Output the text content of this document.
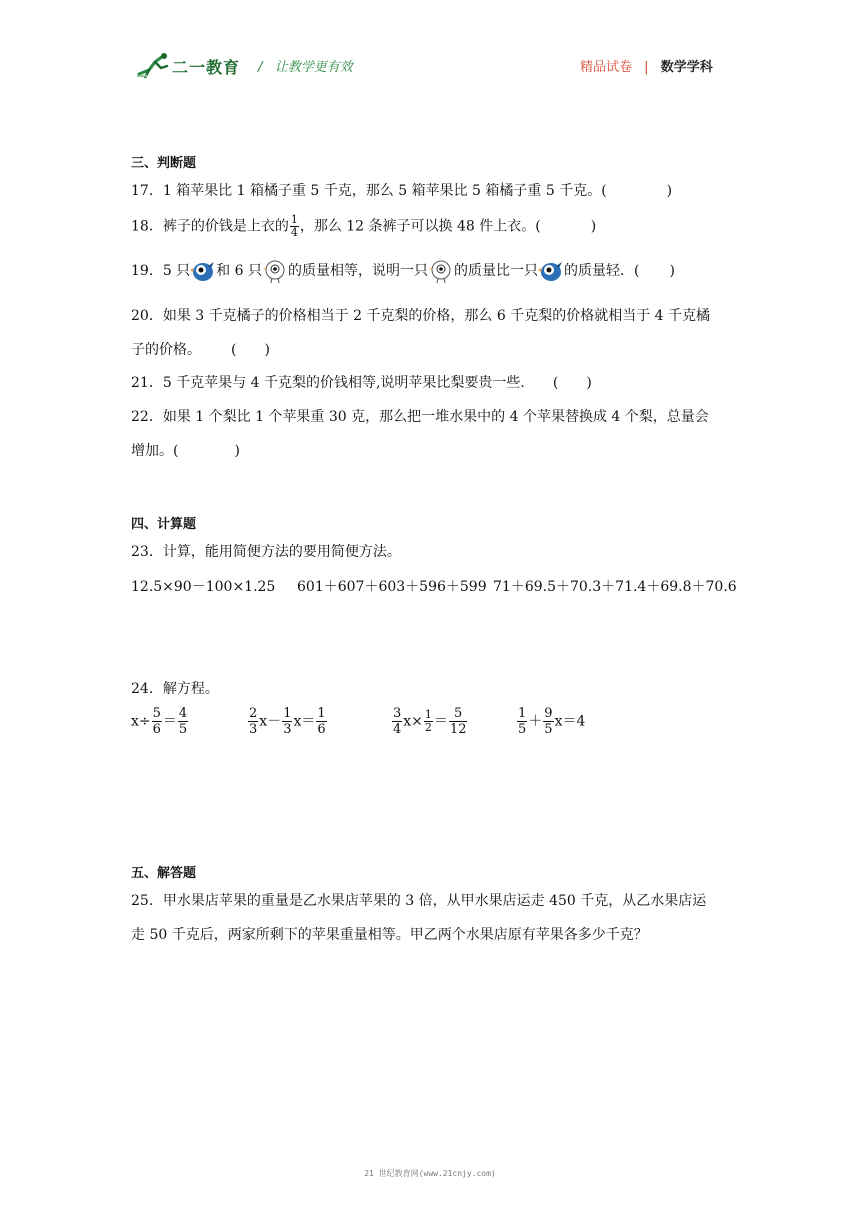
二一教育 / 让教学更有效	精品试卷 | 数学学科
三、判断题
17．1 箱苹果比 1 箱橘子重 5 千克，那么 5 箱苹果比 5 箱橘子重 5 千克。(	)
18．裤子的价钱是上衣的 $\frac{1}{4}$ ，那么 12 条裤子可以换 48 件上衣。(	)
19．5 只 和 6 只 的质量相等，说明一只 的质量比一只 的质量轻．( )
20．如果 3 千克橘子的价格相当于 2 千克梨的价格，那么 6 千克梨的价格就相当于 4 千克橘
子的价格。 (　　)
21．5 千克苹果与 4 千克梨的价钱相等,说明苹果比梨要贵一些. (　　)
22．如果 1 个梨比 1 个苹果重 30 克，那么把一堆水果中的 4 个苹果替换成 4 个梨，总量会
增加。(	)
四、计算题
23．计算，能用简便方法的要用简便方法。
12.5×90－100×1.25 601＋607＋603＋596＋599 71＋69.5＋70.3＋71.4＋69.8＋70.6
24．解方程。
$x\div \frac{5}{6} = \frac{4}{5}$	$\frac{2}{3} x- \frac{1}{3} x= \frac{1}{6}$	$\frac{3}{4} x\times \frac{1}{2} = \frac{5}{12}$	$\frac{1}{5} + \frac{9}{5} x=4$
五、解答题
25．甲水果店苹果的重量是乙水果店苹果的 3 倍，从甲水果店运走 450 千克，从乙水果店运
走 50 千克后，两家所剩下的苹果重量相等。甲乙两个水果店原有苹果各多少千克？
21 世纪教育网(www.21cnjy.com)
